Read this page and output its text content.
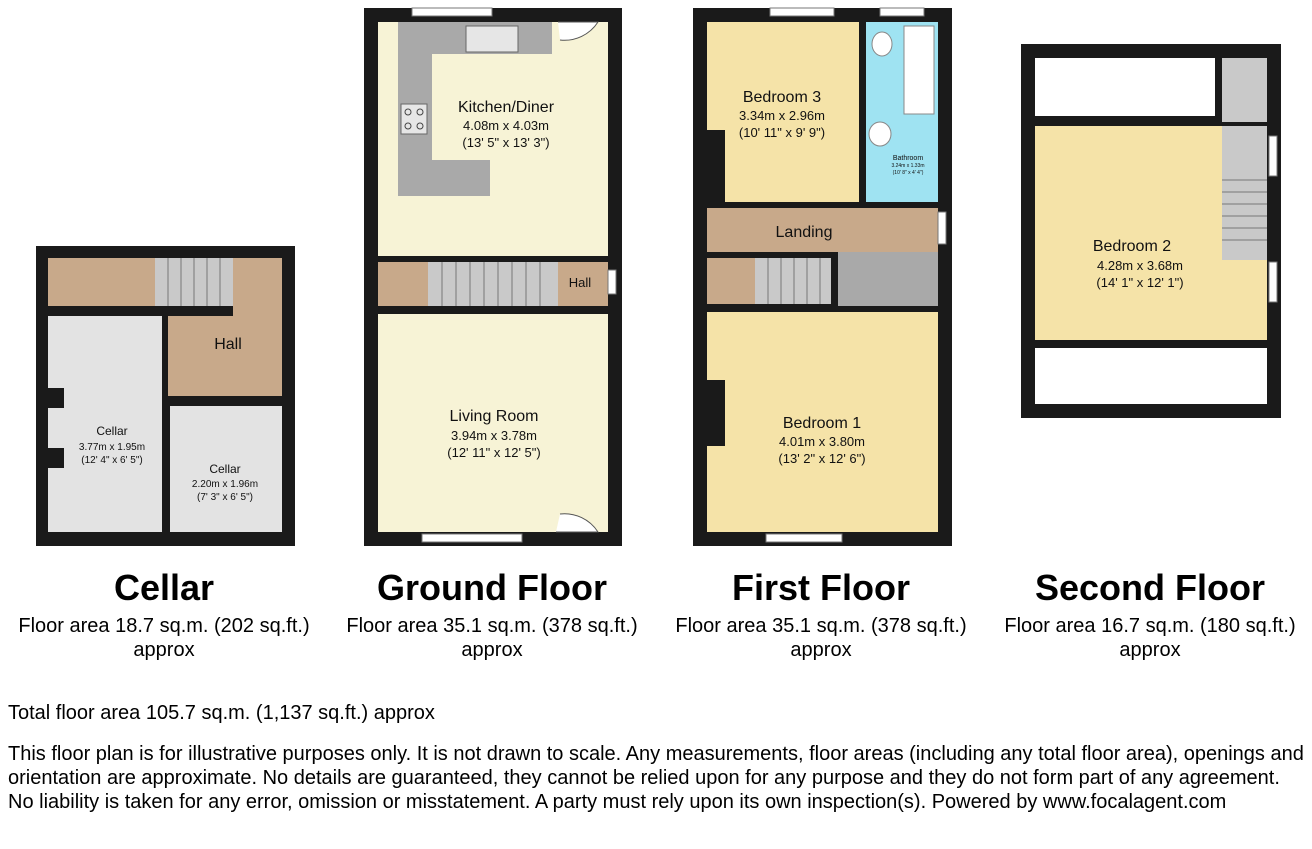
Hall
Cellar
3.77m x 1.95m
(12' 4" x 6' 5")
Cellar
2.20m x 1.96m
(7' 3" x 6' 5")
Kitchen/Diner
4.08m x 4.03m
(13' 5" x 13' 3")
Hall
Living Room
3.94m x 3.78m
(12' 11" x 12' 5")
Bedroom 3
3.34m x 2.96m
(10' 11" x 9' 9")
Bathroom
3.24m x 1.33m
(10' 8" x 4' 4")
Landing
Bedroom 1
4.01m x 3.80m
(13' 2" x 12' 6")
Bedroom 2
4.28m x 3.68m
(14' 1" x 12' 1")
Cellar
Floor area 18.7 sq.m. (202 sq.ft.) approx
Ground Floor
Floor area 35.1 sq.m. (378 sq.ft.) approx
First Floor
Floor area 35.1 sq.m. (378 sq.ft.) approx
Second Floor
Floor area 16.7 sq.m. (180 sq.ft.) approx
Total floor area 105.7 sq.m. (1,137 sq.ft.) approx
This floor plan is for illustrative purposes only. It is not drawn to scale. Any measurements, floor areas (including any total floor area), openings and orientation are approximate. No details are guaranteed, they cannot be relied upon for any purpose and they do not form part of any agreement. No liability is taken for any error, omission or misstatement. A party must rely upon its own inspection(s). Powered by www.focalagent.com
